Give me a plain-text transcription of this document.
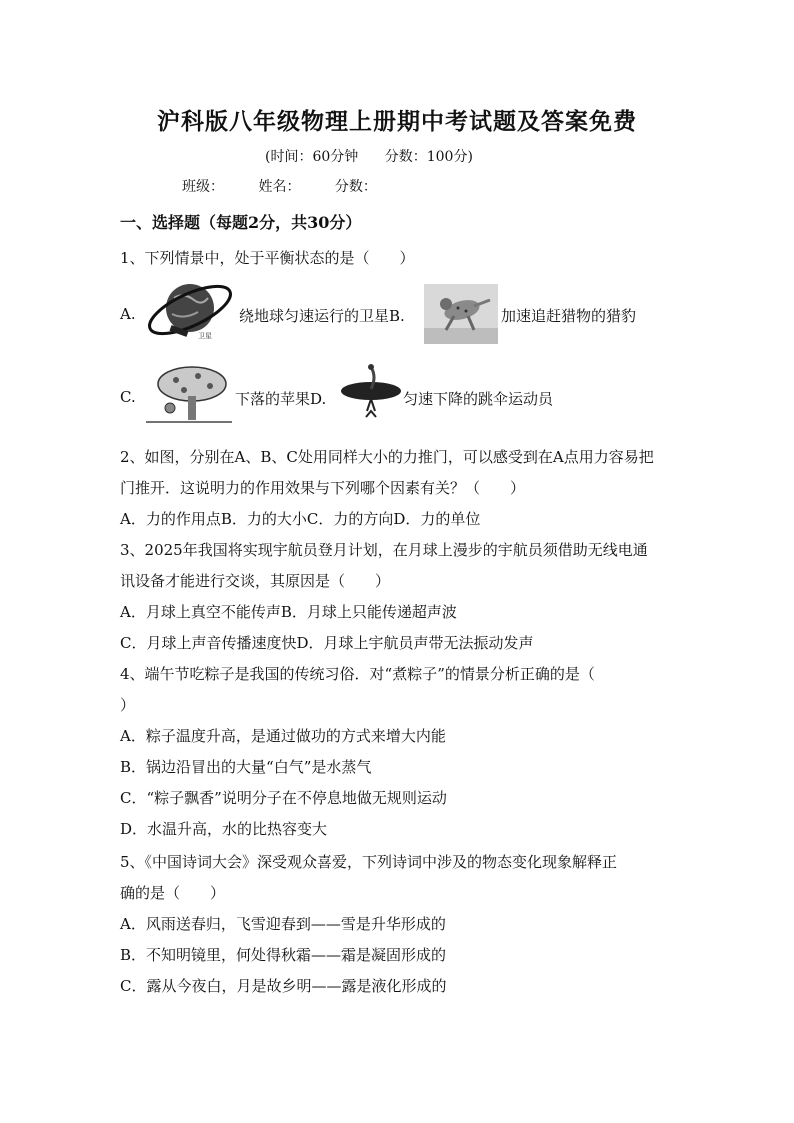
沪科版八年级物理上册期中考试题及答案免费
(时间：60分钟 分数：100分)
班级： 姓名： 分数：
一、选择题（每题2分，共30分）
1、下列情景中，处于平衡状态的是（　　）
A.
卫星
绕地球匀速运行的卫星B.	加速追赶猎物的猎豹
C.	下落的苹果D.	匀速下降的跳伞运动员
2、如图，分别在A、B、C处用同样大小的力推门，可以感受到在A点用力容易把
门推开．这说明力的作用效果与下列哪个因素有关？（　　）
A．力的作用点B．力的大小C．力的方向D．力的单位
3、2025年我国将实现宇航员登月计划，在月球上漫步的宇航员须借助无线电通
讯设备才能进行交谈，其原因是（　　）
A．月球上真空不能传声B．月球上只能传递超声波
C．月球上声音传播速度快D．月球上宇航员声带无法振动发声
4、端午节吃粽子是我国的传统习俗．对“煮粽子”的情景分析正确的是（
）
A．粽子温度升高，是通过做功的方式来增大内能
B．锅边沿冒出的大量“白气”是水蒸气
C．“粽子飘香”说明分子在不停息地做无规则运动
D．水温升高，水的比热容变大
5、《中国诗词大会》深受观众喜爱，下列诗词中涉及的物态变化现象解释正
确的是（　　）
A．风雨送春归，飞雪迎春到——雪是升华形成的
B．不知明镜里，何处得秋霜——霜是凝固形成的
C．露从今夜白，月是故乡明——露是液化形成的
